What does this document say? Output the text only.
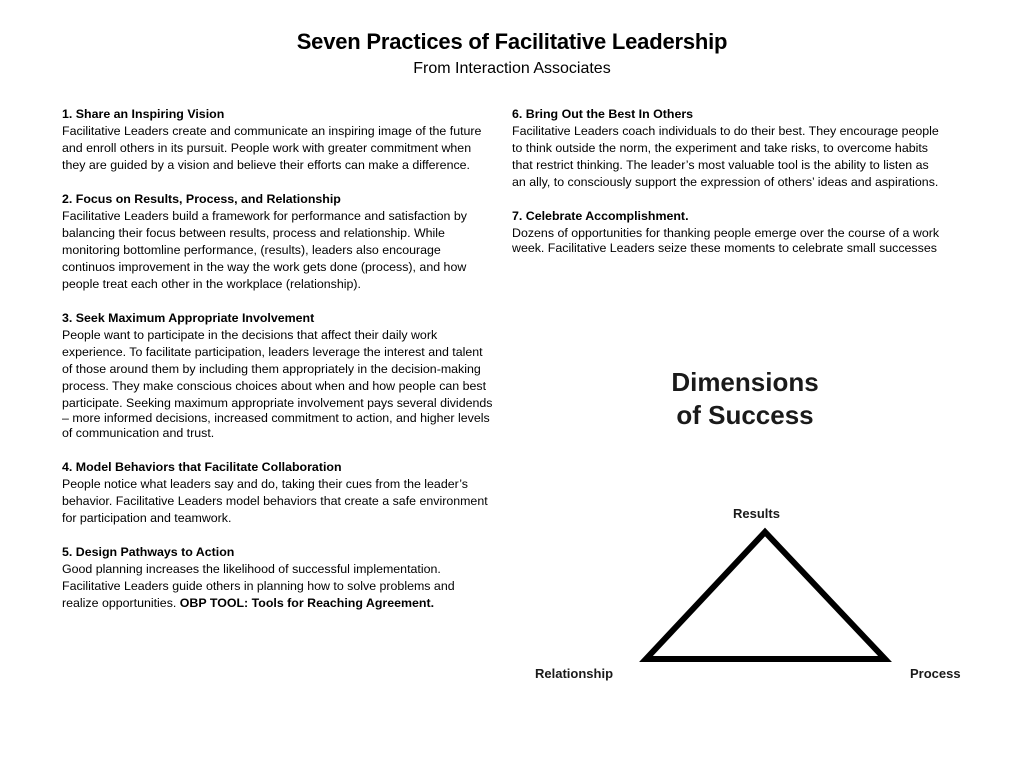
Seven Practices of Facilitative Leadership
From Interaction Associates
1. Share an Inspiring Vision
Facilitative Leaders create and communicate an inspiring image of the future
and enroll others in its pursuit. People work with greater commitment when
they are guided by a vision and believe their efforts can make a difference.
2. Focus on Results, Process, and Relationship
Facilitative Leaders build a framework for performance and satisfaction by
balancing their focus between results, process and relationship. While
monitoring bottomline performance, (results), leaders also encourage
continuos improvement in the way the work gets done (process), and how
people treat each other in the workplace (relationship).
3. Seek Maximum Appropriate Involvement
People want to participate in the decisions that affect their daily work
experience. To facilitate participation, leaders leverage the interest and talent
of those around them by including them appropriately in the decision-making
process. They make conscious choices about when and how people can best
participate. Seeking maximum appropriate involvement pays several dividends
– more informed decisions, increased commitment to action, and higher levels
of communication and trust.
4. Model Behaviors that Facilitate Collaboration
People notice what leaders say and do, taking their cues from the leader’s
behavior. Facilitative Leaders model behaviors that create a safe environment
for participation and teamwork.
5. Design Pathways to Action
Good planning increases the likelihood of successful implementation.
Facilitative Leaders guide others in planning how to solve problems and
realize opportunities. OBP TOOL: Tools for Reaching Agreement.
6. Bring Out the Best In Others
Facilitative Leaders coach individuals to do their best. They encourage people
to think outside the norm, the experiment and take risks, to overcome habits
that restrict thinking. The leader’s most valuable tool is the ability to listen as
an ally, to consciously support the expression of others’ ideas and aspirations.
7. Celebrate Accomplishment.
Dozens of opportunities for thanking people emerge over the course of a work
week. Facilitative Leaders seize these moments to celebrate small successes
Dimensions
of Success
Results
Relationship	Process
